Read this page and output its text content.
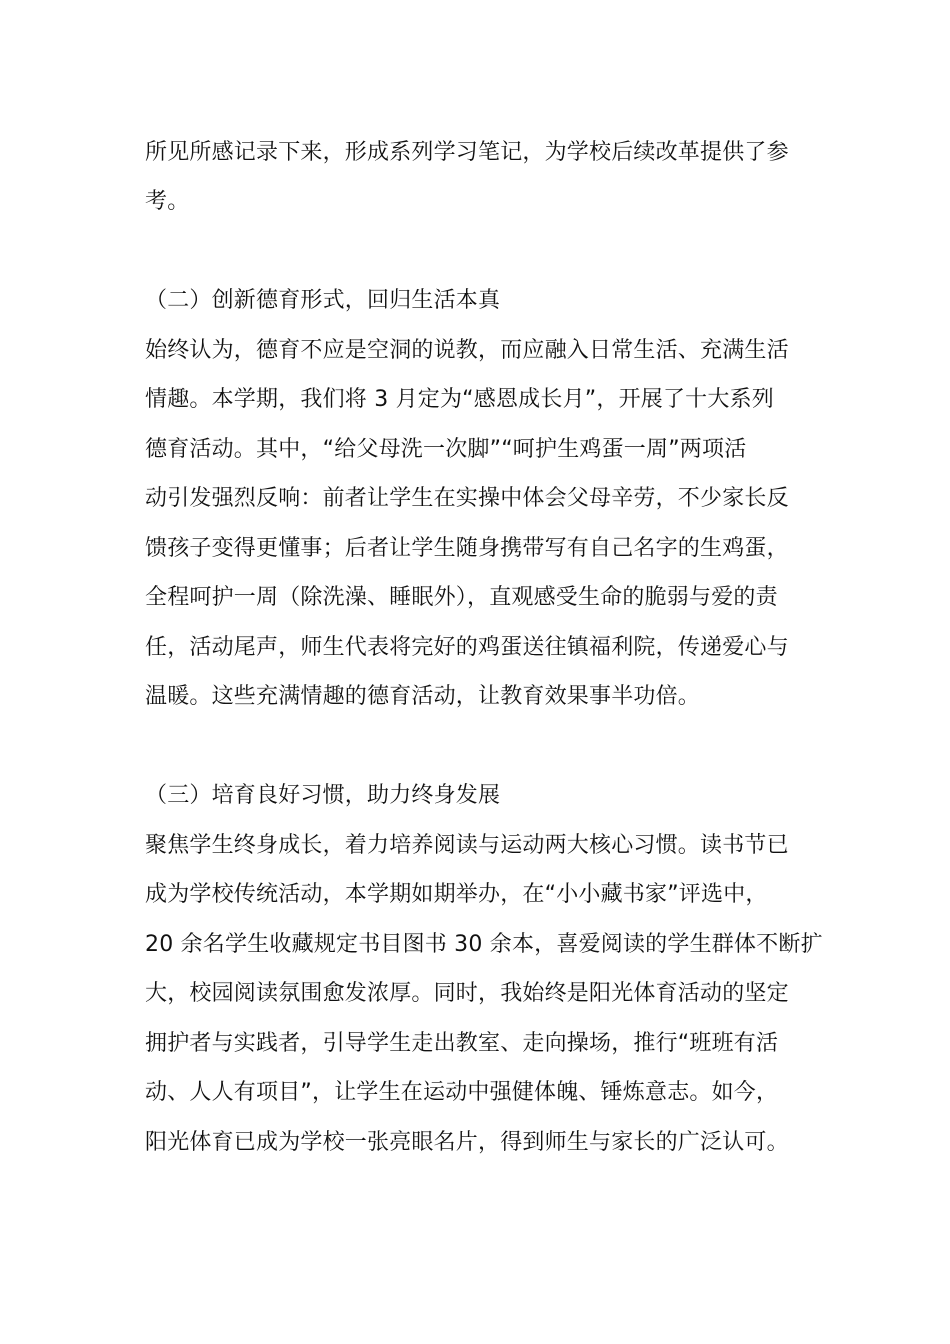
所见所感记录下来，形成系列学习笔记，为学校后续改革提供了参
考。
（二）创新德育形式，回归生活本真
始终认为，德育不应是空洞的说教，而应融入日常生活、充满生活
情趣。本学期，我们将 3 月定为“感恩成长月”，开展了十大系列
德育活动。其中，“给父母洗一次脚”“呵护生鸡蛋一周”两项活
动引发强烈反响：前者让学生在实操中体会父母辛劳，不少家长反
馈孩子变得更懂事；后者让学生随身携带写有自己名字的生鸡蛋，
全程呵护一周（除洗澡、睡眠外），直观感受生命的脆弱与爱的责
任，活动尾声，师生代表将完好的鸡蛋送往镇福利院，传递爱心与
温暖。这些充满情趣的德育活动，让教育效果事半功倍。
（三）培育良好习惯，助力终身发展
聚焦学生终身成长，着力培养阅读与运动两大核心习惯。读书节已
成为学校传统活动，本学期如期举办，在“小小藏书家”评选中，
20 余名学生收藏规定书目图书 30 余本，喜爱阅读的学生群体不断扩
大，校园阅读氛围愈发浓厚。同时，我始终是阳光体育活动的坚定
拥护者与实践者，引导学生走出教室、走向操场，推行“班班有活
动、人人有项目”，让学生在运动中强健体魄、锤炼意志。如今，
阳光体育已成为学校一张亮眼名片，得到师生与家长的广泛认可。
